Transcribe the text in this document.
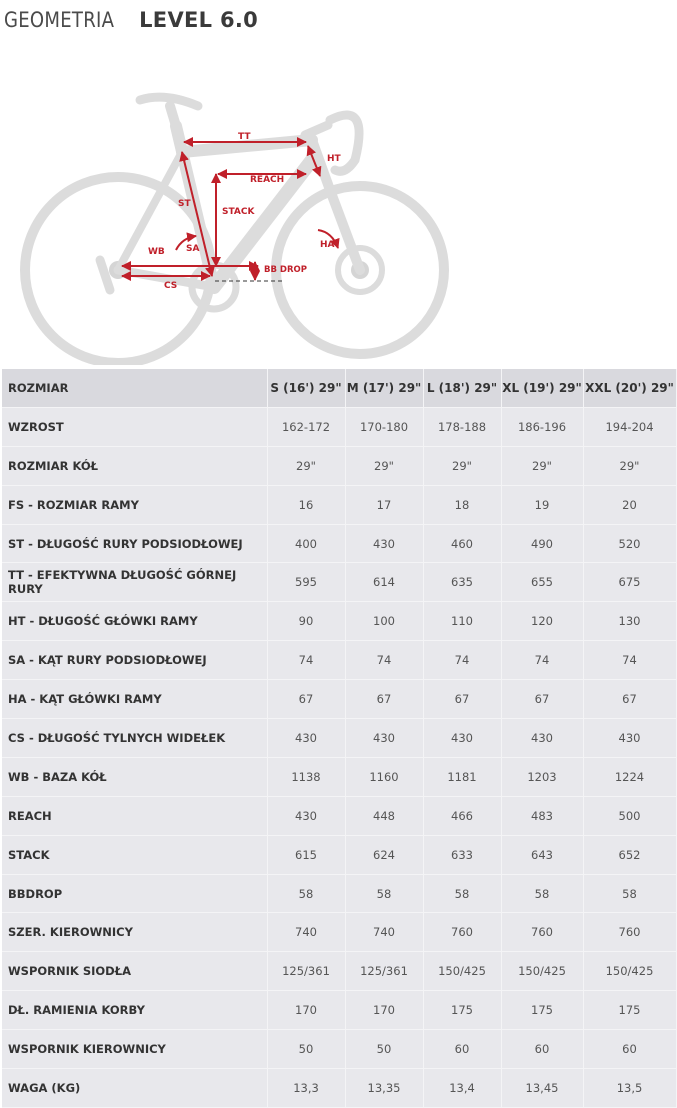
GEOMETRIA LEVEL 6.0
TT
HT
REACH
ST
STACK
SA
WB
HA
BB DROP
CS
ROZMIAR	S (16') 29"	M (17') 29"	L (18') 29"	XL (19') 29"	XXL (20') 29"
WZROST	162-172	170-180	178-188	186-196	194-204
ROZMIAR KÓŁ	29"	29"	29"	29"	29"
FS - ROZMIAR RAMY	16	17	18	19	20
ST - DŁUGOŚĆ RURY PODSIODŁOWEJ	400	430	460	490	520
TT - EFEKTYWNA DŁUGOŚĆ GÓRNEJ RURY	595	614	635	655	675
HT - DŁUGOŚĆ GŁÓWKI RAMY	90	100	110	120	130
SA - KĄT RURY PODSIODŁOWEJ	74	74	74	74	74
HA - KĄT GŁÓWKI RAMY	67	67	67	67	67
CS - DŁUGOŚĆ TYLNYCH WIDEŁEK	430	430	430	430	430
WB - BAZA KÓŁ	1138	1160	1181	1203	1224
REACH	430	448	466	483	500
STACK	615	624	633	643	652
BBDROP	58	58	58	58	58
SZER. KIEROWNICY	740	740	760	760	760
WSPORNIK SIODŁA	125/361	125/361	150/425	150/425	150/425
DŁ. RAMIENIA KORBY	170	170	175	175	175
WSPORNIK KIEROWNICY	50	50	60	60	60
WAGA (KG)	13,3	13,35	13,4	13,45	13,5
